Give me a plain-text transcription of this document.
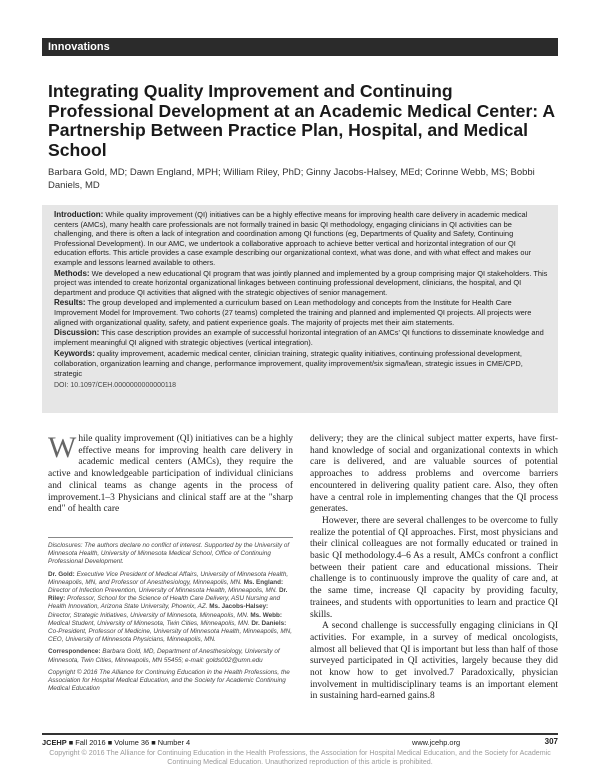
Innovations
Integrating Quality Improvement and Continuing Professional Development at an Academic Medical Center: A Partnership Between Practice Plan, Hospital, and Medical School
Barbara Gold, MD; Dawn England, MPH; William Riley, PhD; Ginny Jacobs-Halsey, MEd; Corinne Webb, MS; Bobbi Daniels, MD

Introduction: While quality improvement (QI) initiatives can be a highly effective means for improving health care delivery in academic medical centers (AMCs), many health care professionals are not formally trained in basic QI methodology, engaging clinicians in QI activities can be challenging, and there is often a lack of integration and coordination among QI functions (eg, Departments of Quality and Safety, Continuing Professional Development). In our AMC, we undertook a collaborative approach to achieve better vertical and horizontal integration of our QI education efforts. This article provides a case example describing our organizational context, what was done, and with what effect and makes our example and lessons learned available to others.

Methods: We developed a new educational QI program that was jointly planned and implemented by a group comprising major QI stakeholders. This project was intended to create horizontal organizational linkages between continuing professional development, clinicians, the hospital, and QI department and produce QI activities that aligned with the strategic objectives of senior management.

Results: The group developed and implemented a curriculum based on Lean methodology and concepts from the Institute for Health Care Improvement Model for Improvement. Two cohorts (27 teams) completed the training and planned and implemented QI projects. All projects were aligned with organizational quality, safety, and patient experience goals. The majority of projects met their aim statements.

Discussion: This case description provides an example of successful horizontal integration of an AMCs' QI functions to disseminate knowledge and implement meaningful QI aligned with strategic objectives (vertical integration).

Keywords: quality improvement, academic medical center, clinician training, strategic quality initiatives, continuing professional development, collaboration, organization learning and change, performance improvement, quality improvement/six sigma/lean, strategic issues in CME/CPD, strategic

DOI: 10.1097/CEH.0000000000000118

While quality improvement (QI) initiatives can be a highly effective means for improving health care delivery in academic medical centers (AMCs), they require the active and knowledgeable participation of individual clinicians and clinical teams as change agents in the process of improvement.1–3 Physicians and clinical staff are at the "sharp end" of health care

Disclosures: The authors declare no conflict of interest. Supported by the University of Minnesota Health, University of Minnesota Medical School, Office of Continuing Professional Development.

Dr. Gold: Executive Vice President of Medical Affairs, University of Minnesota Health, Minneapolis, MN, and Professor of Anesthesiology, Minneapolis, MN. Ms. England: Director of Infection Prevention, University of Minnesota Health, Minneapolis, MN. Dr. Riley: Professor, School for the Science of Health Care Delivery, ASU Nursing and Health Innovation, Arizona State University, Phoenix, AZ. Ms. Jacobs-Halsey: Director, Strategic Initiatives, University of Minnesota, Minneapolis, MN. Ms. Webb: Medical Student, University of Minnesota, Twin Cities, Minneapolis, MN. Dr. Daniels: Co-President, Professor of Medicine, University of Minnesota Health, Minneapolis, MN, CEO, University of Minnesota Physicians, Minneapolis, MN.

Correspondence: Barbara Gold, MD, Department of Anesthesiology, University of Minnesota, Twin Cities, Minneapolis, MN 55455; e-mail: golds002@umn.edu

Copyright © 2016 The Alliance for Continuing Education in the Health Professions, the Association for Hospital Medical Education, and the Society for Academic Continuing Medical Education

delivery; they are the clinical subject matter experts, have first-hand knowledge of social and organizational contexts in which care is delivered, and are valuable sources of potential approaches to address problems and overcome barriers encountered in delivering quality patient care. Also, they often have a central role in implementing changes that the QI process generates.

However, there are several challenges to be overcome to fully realize the potential of QI approaches. First, most physicians and their clinical colleagues are not formally educated or trained in basic QI methodology.4–6 As a result, AMCs confront a conflict between their patient care and educational missions. Their challenge is to continuously improve the quality of care and, at the same time, increase QI capacity by providing faculty, trainees, and students with opportunities to learn and practice QI skills.

A second challenge is successfully engaging clinicians in QI activities. For example, in a survey of medical oncologists, almost all believed that QI is important but less than half of those surveyed participated in QI activities, largely because they did not know how to get involved.7 Paradoxically, physician involvement in multidisciplinary teams is an important element in sustaining hard-earned gains.8

JCEHP ■ Fall 2016 ■ Volume 36 ■ Number 4	www.jcehp.org	307
Copyright © 2016 The Alliance for Continuing Education in the Health Professions, the Association for Hospital Medical Education, and the Society for Academic Continuing Medical Education. Unauthorized reproduction of this article is prohibited.
